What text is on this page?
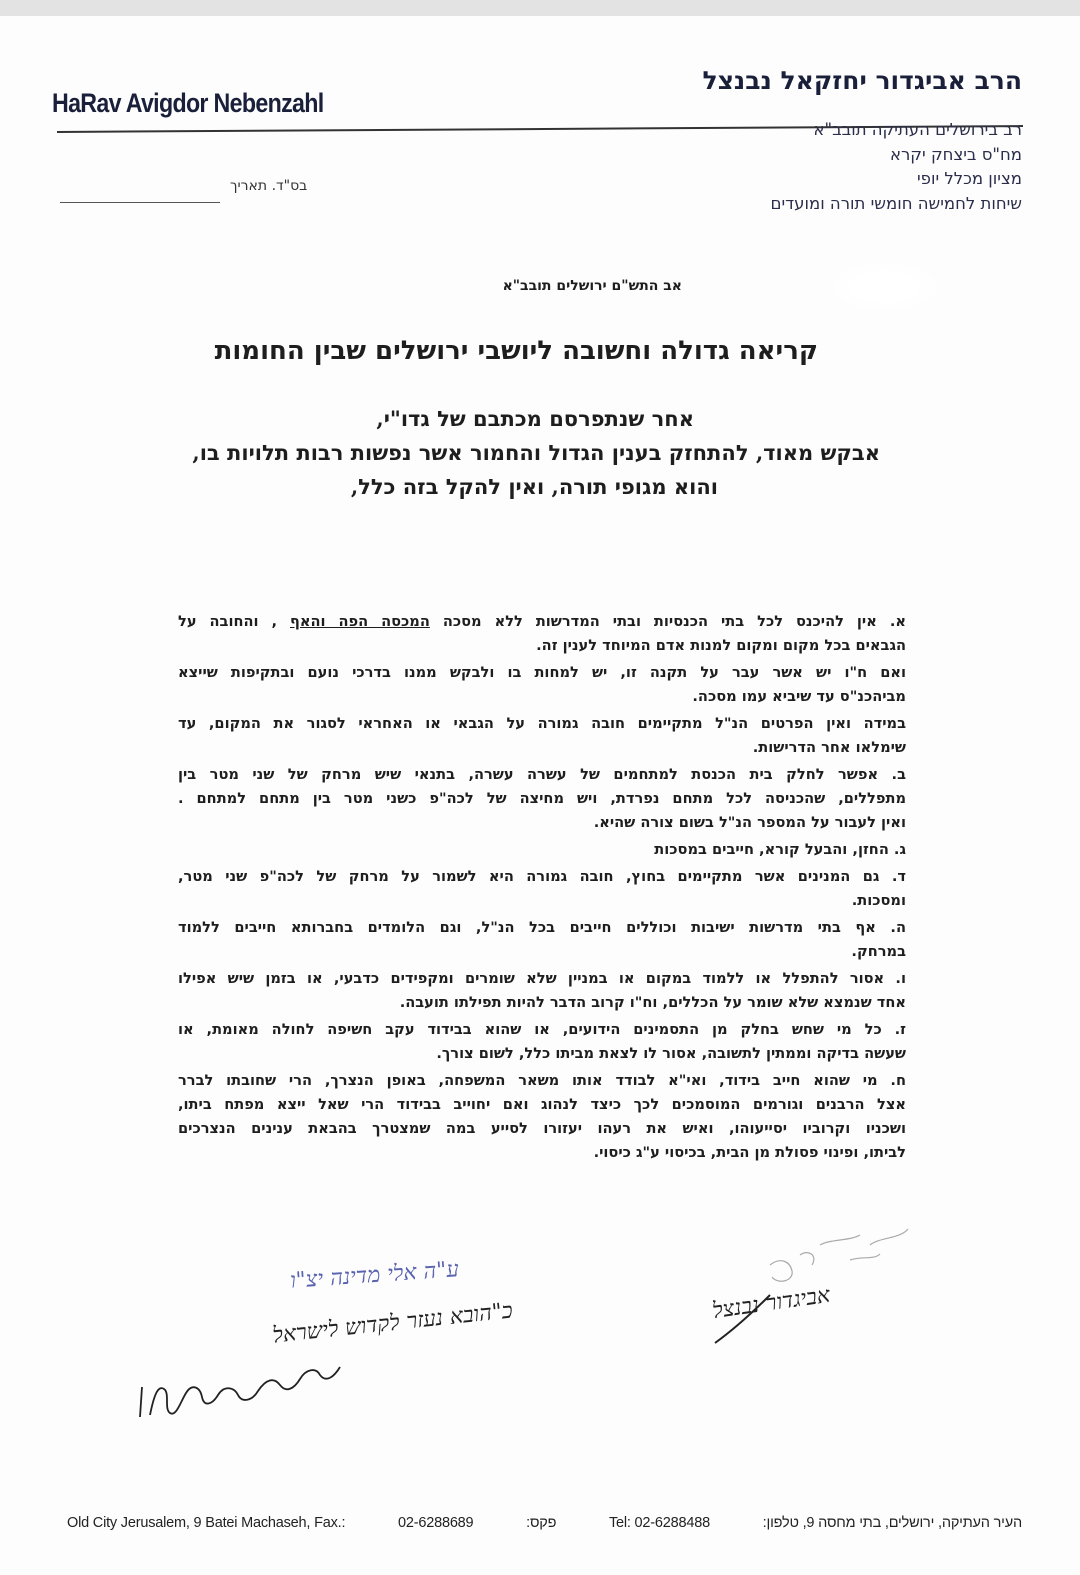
הרב אביגדור יחזקאל נבנצל
HaRav Avigdor Nebenzahl
רב בירושלים העתיקה תובב"א
מח"ס ביצחק יקרא
מציון מכלל יופי
שיחות לחמישה חומשי תורה ומועדים
בס"ד. תאריך
אב התש"ם ירושלים תובב"א
קריאה גדולה וחשובה ליושבי ירושלים שבין החומות
אחר שנתפרסם מכתבם של גדו"י,
אבקש מאוד, להתחזק בענין הגדול והחמור אשר נפשות רבות תלויות בו,
והוא מגופי תורה, ואין להקל בזה כלל,
א. אין להיכנס לכל בתי הכנסיות ובתי המדרשות ללא מסכה המכסה הפה והאף , והחובה על
הגבאים בכל מקום ומקום למנות אדם המיוחד לענין זה.
ואם ח"ו יש אשר עבר על תקנה זו, יש למחות בו ולבקש ממנו בדרכי נועם ובתקיפות שייצא
מביהכנ"ס עד שיביא עמו מסכה.
במידה ואין הפרטים הנ"ל מתקיימים חובה גמורה על הגבאי או האחראי לסגור את המקום, עד
שימלאו אחר הדרישות.
ב. אפשר לחלק בית הכנסת למתחמים של עשרה עשרה, בתנאי שיש מרחק של שני מטר בין
מתפללים, שהכניסה לכל מתחם נפרדת, ויש מחיצה של לכה"פ כשני מטר בין מתחם למתחם .
ואין לעבור על המספר הנ"ל בשום צורה שהיא.
ג. החזן, והבעל קורא, חייבים במסכות
ד. גם המנינים אשר מתקיימים בחוץ, חובה גמורה היא לשמור על מרחק של לכה"פ שני מטר,
ומסכות.
ה. אף בתי מדרשות ישיבות וכוללים חייבים בכל הנ"ל, וגם הלומדים בחברותא חייבים ללמוד
במרחק.
ו. אסור להתפלל או ללמוד במקום או במניין שלא שומרים ומקפידים כדבעי, או בזמן שיש אפילו
אחד שנמצא שלא שומר על הכללים, וח"ו קרוב הדבר להיות תפילתו תועבה.
ז. כל מי שחש בחלק מן התסמינים הידועים, או שהוא בבידוד עקב חשיפה לחולה מאומת, או
שעשה בדיקה וממתין לתשובה, אסור לו לצאת מביתו כלל, לשום צורך.
ח. מי שהוא חייב בידוד, ואי"א לבודד אותו משאר המשפחה, באופן הנצרך, הרי שחובתו לברר
אצל הרבנים וגורמים המוסמכים לכך כיצד לנהוג ואם יחוייב בבידוד הרי שאל ייצא מפתח ביתו,
ושכניו וקרוביו יסייעוהו, ואיש את רעהו יעזורו לסייע במה שמצטרך בהבאת ענינים הנצרכים
לביתו, ופינוי פסולת מן הבית, בכיסוי ע"ג כיסוי.
אביגדור נבנצל
ע"ה אלי מדינה יצ"ו
כ"הובא נעזר לקדוש לישראל
Old City Jerusalem, 9 Batei Machaseh, Fax.:	02-6288689	פקס:	Tel: 02-6288488	העיר העתיקה, ירושלים, בתי מחסה 9, טלפון:
